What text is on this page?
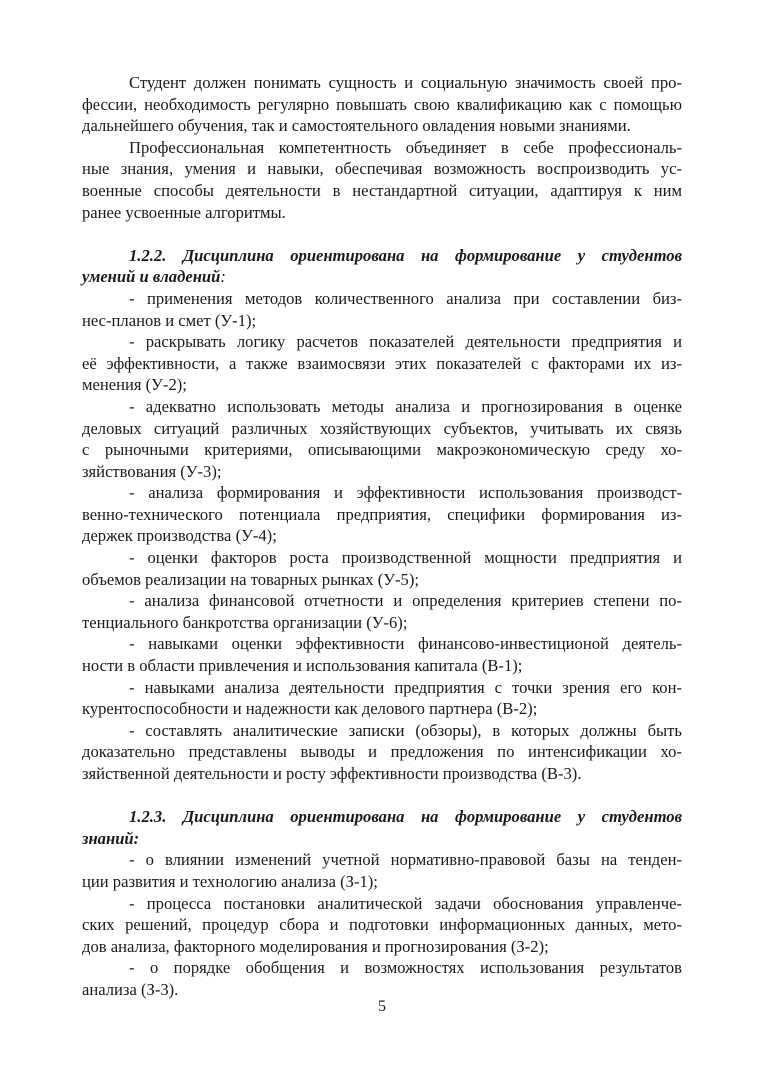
Студент должен понимать сущность и социальную значимость своей про-
фессии, необходимость регулярно повышать свою квалификацию как с помощью
дальнейшего обучения, так и самостоятельного овладения новыми знаниями.
Профессиональная компетентность объединяет в себе профессиональ-
ные знания, умения и навыки, обеспечивая возможность воспроизводить ус-
военные способы деятельности в нестандартной ситуации, адаптируя к ним
ранее усвоенные алгоритмы.
1.2.2. Дисциплина ориентирована на формирование у студентов
умений и владений:
- применения методов количественного анализа при составлении биз-
нес-планов и смет (У-1);
- раскрывать логику расчетов показателей деятельности предприятия и
её эффективности, а также взаимосвязи этих показателей с факторами их из-
менения (У-2);
- адекватно использовать методы анализа и прогнозирования в оценке
деловых ситуаций различных хозяйствующих субъектов, учитывать их связь
с рыночными критериями, описывающими макроэкономическую среду хо-
зяйствования (У-3);
- анализа формирования и эффективности использования производст-
венно-технического потенциала предприятия, специфики формирования из-
держек производства (У-4);
- оценки факторов роста производственной мощности предприятия и
объемов реализации на товарных рынках (У-5);
- анализа финансовой отчетности и определения критериев степени по-
тенциального банкротства организации (У-6);
- навыками оценки эффективности финансово-инвестиционой деятель-
ности в области привлечения и использования капитала (В-1);
- навыками анализа деятельности предприятия с точки зрения его кон-
курентоспособности и надежности как делового партнера (В-2);
- составлять аналитические записки (обзоры), в которых должны быть
доказательно представлены выводы и предложения по интенсификации хо-
зяйственной деятельности и росту эффективности производства (В-3).
1.2.3. Дисциплина ориентирована на формирование у студентов
знаний:
- о влиянии изменений учетной нормативно-правовой базы на тенден-
ции развития и технологию анализа (З-1);
- процесса постановки аналитической задачи обоснования управленче-
ских решений, процедур сбора и подготовки информационных данных, мето-
дов анализа, факторного моделирования и прогнозирования (З-2);
- о порядке обобщения и возможностях использования результатов
анализа (З-3).
5
